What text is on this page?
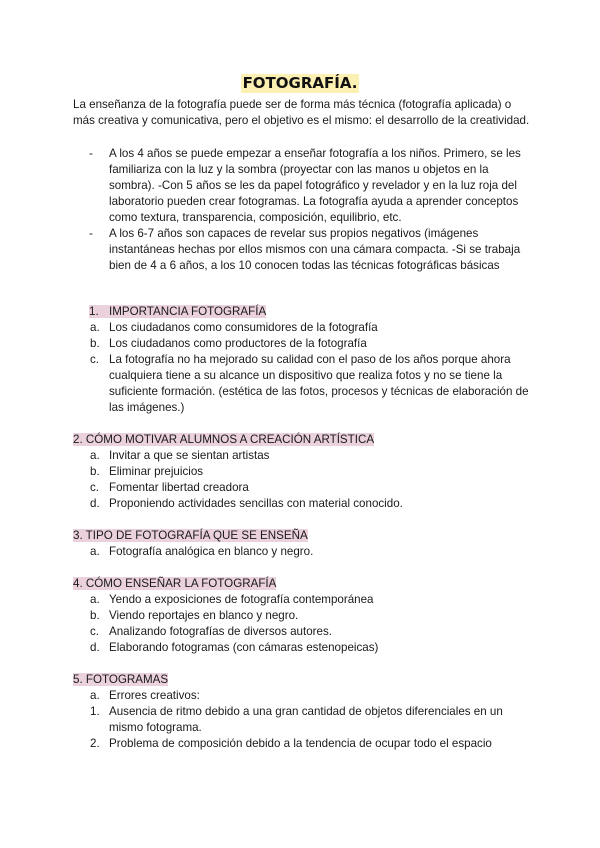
FOTOGRAFÍA.

La enseñanza de la fotografía puede ser de forma más técnica (fotografía aplicada) o más creativa y comunicativa, pero el objetivo es el mismo: el desarrollo de la creatividad.

- A los 4 años se puede empezar a enseñar fotografía a los niños. Primero, se les familiariza con la luz y la sombra (proyectar con las manos u objetos en la sombra). -Con 5 años se les da papel fotográfico y revelador y en la luz roja del laboratorio pueden crear fotogramas. La fotografía ayuda a aprender conceptos como textura, transparencia, composición, equilibrio, etc.
- A los 6-7 años son capaces de revelar sus propios negativos (imágenes instantáneas hechas por ellos mismos con una cámara compacta. -Si se trabaja bien de 4 a 6 años, a los 10 conocen todas las técnicas fotográficas básicas

1. IMPORTANCIA FOTOGRAFÍA

a. Los ciudadanos como consumidores de la fotografía
b. Los ciudadanos como productores de la fotografía
c. La fotografía no ha mejorado su calidad con el paso de los años porque ahora cualquiera tiene a su alcance un dispositivo que realiza fotos y no se tiene la suficiente formación. (estética de las fotos, procesos y técnicas de elaboración de las imágenes.)

2. CÓMO MOTIVAR ALUMNOS A CREACIÓN ARTÍSTICA

a. Invitar a que se sientan artistas
b. Eliminar prejuicios
c. Fomentar libertad creadora
d. Proponiendo actividades sencillas con material conocido.

3. TIPO DE FOTOGRAFÍA QUE SE ENSEÑA

a. Fotografía analógica en blanco y negro.

4. CÓMO ENSEÑAR LA FOTOGRAFÍA

a. Yendo a exposiciones de fotografía contemporánea
b. Viendo reportajes en blanco y negro.
c. Analizando fotografías de diversos autores.
d. Elaborando fotogramas (con cámaras estenopeicas)

5. FOTOGRAMAS

a. Errores creativos:
1. Ausencia de ritmo debido a una gran cantidad de objetos diferenciales en un mismo fotograma.
2. Problema de composición debido a la tendencia de ocupar todo el espacio
